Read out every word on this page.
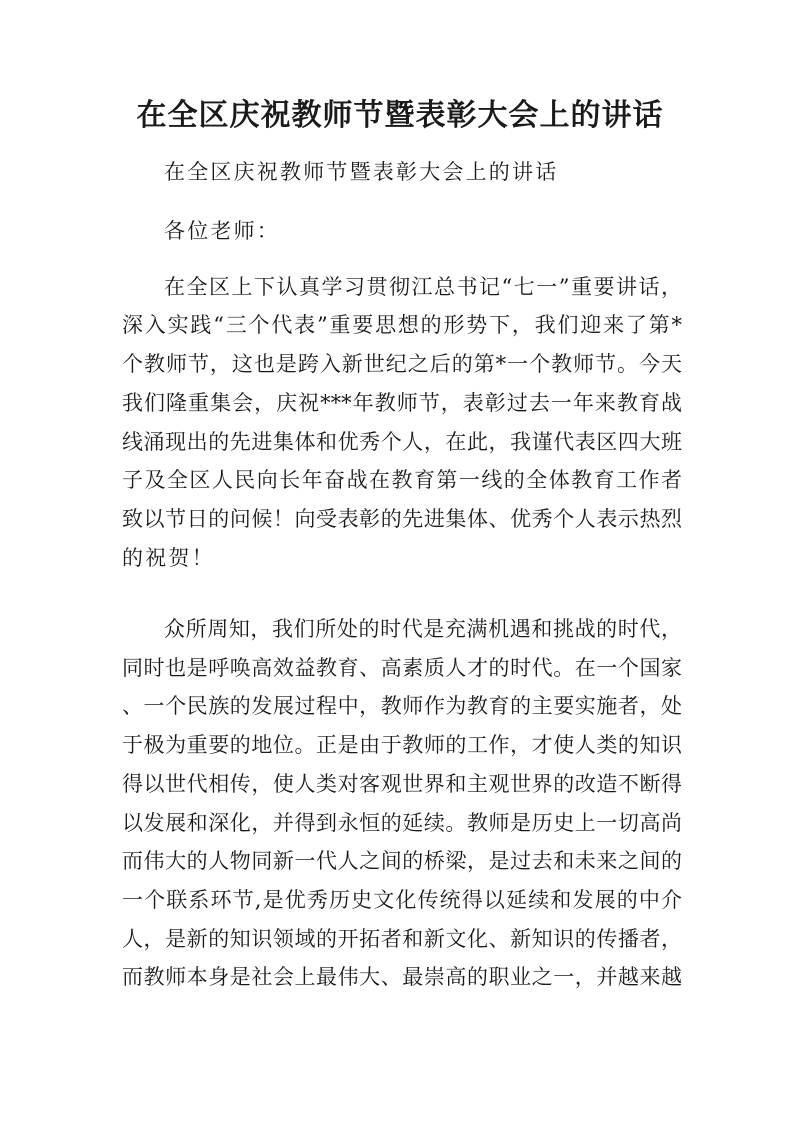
在全区庆祝教师节暨表彰大会上的讲话

在全区庆祝教师节暨表彰大会上的讲话

各位老师：

在全区上下认真学习贯彻江总书记“七一”重要讲话，

深入实践“三个代表”重要思想的形势下，我们迎来了第*

个教师节，这也是跨入新世纪之后的第*一个教师节。今天

我们隆重集会，庆祝***年教师节，表彰过去一年来教育战

线涌现出的先进集体和优秀个人，在此，我谨代表区四大班

子及全区人民向长年奋战在教育第一线的全体教育工作者

致以节日的问候！向受表彰的先进集体、优秀个人表示热烈

的祝贺！

众所周知，我们所处的时代是充满机遇和挑战的时代，

同时也是呼唤高效益教育、高素质人才的时代。在一个国家

、一个民族的发展过程中，教师作为教育的主要实施者，处

于极为重要的地位。正是由于教师的工作，才使人类的知识

得以世代相传，使人类对客观世界和主观世界的改造不断得

以发展和深化，并得到永恒的延续。教师是历史上一切高尚

而伟大的人物同新一代人之间的桥梁，是过去和未来之间的

一个联系环节,是优秀历史文化传统得以延续和发展的中介

人，是新的知识领域的开拓者和新文化、新知识的传播者，

而教师本身是社会上最伟大、最崇高的职业之一，并越来越
